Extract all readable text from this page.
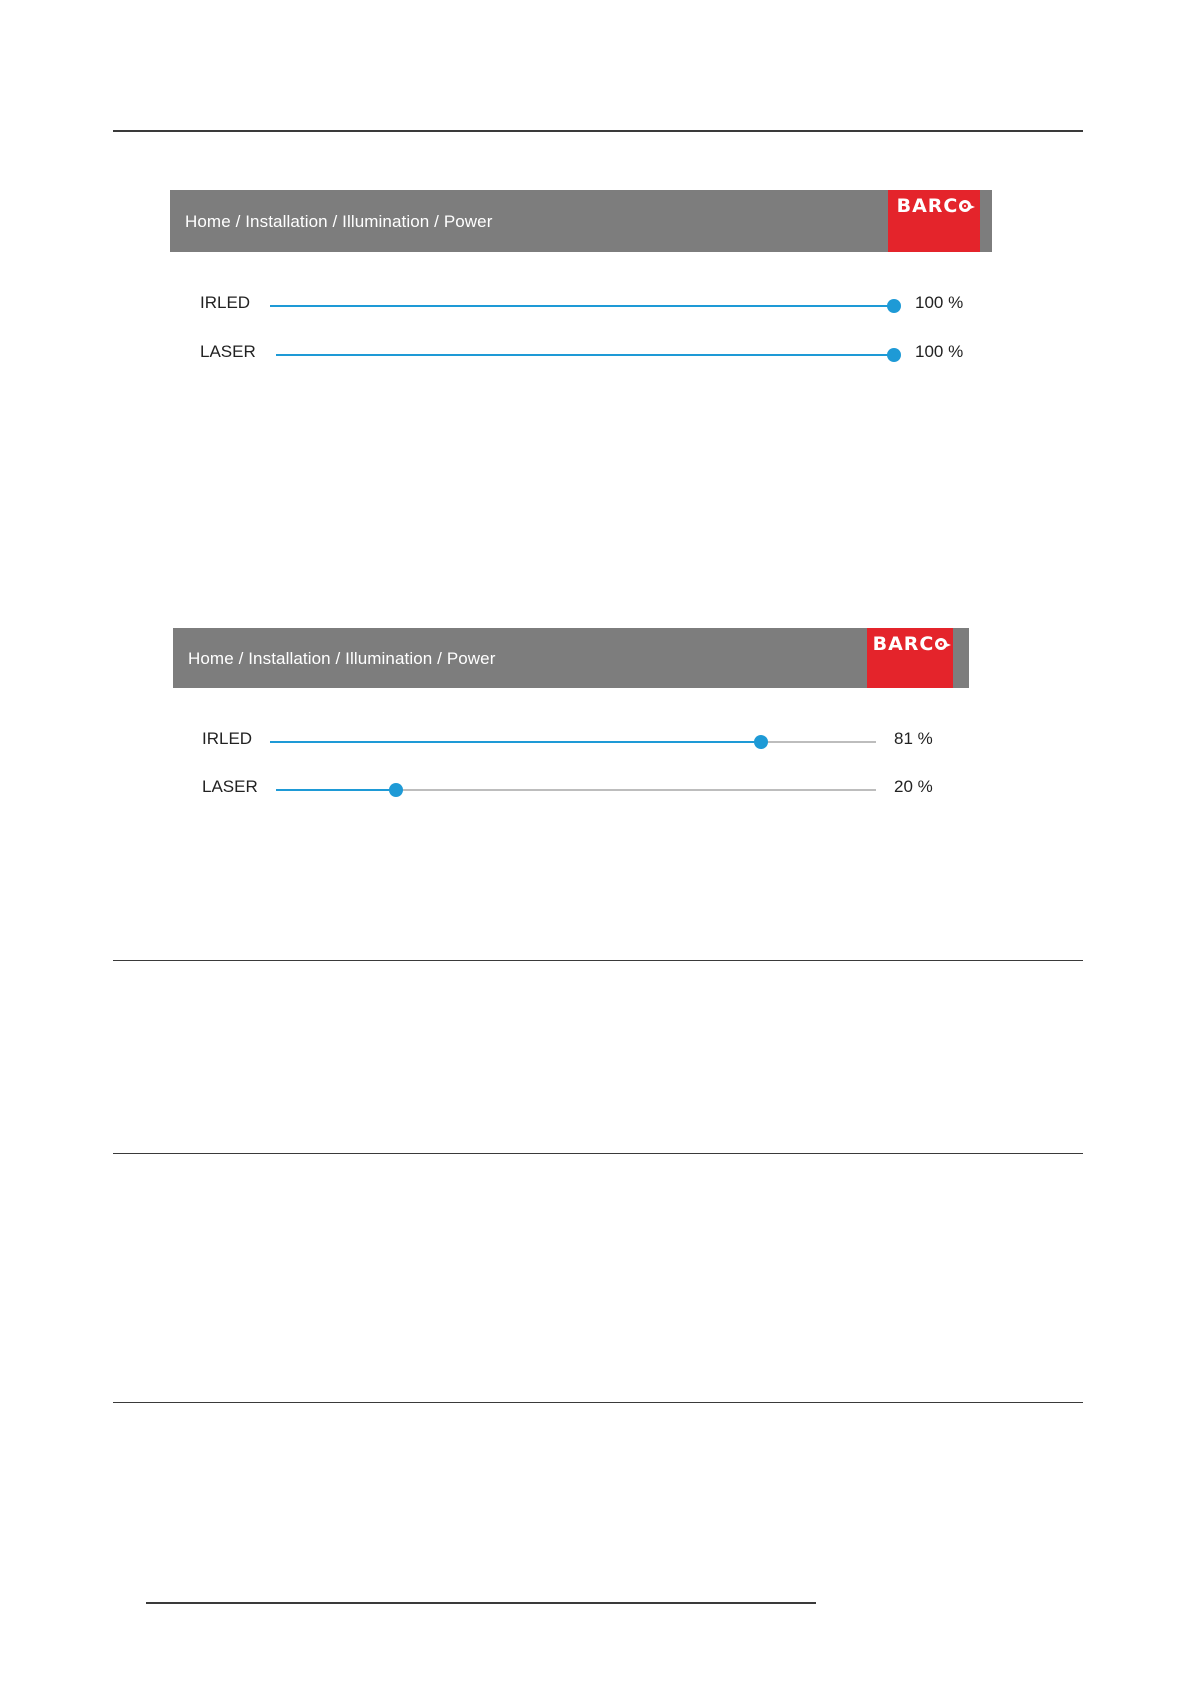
Home / Installation / Illumination / Power
BARC
IRLED	100 %
LASER	100 %
Home / Installation / Illumination / Power
BARC
IRLED	81 %
LASER	20 %
